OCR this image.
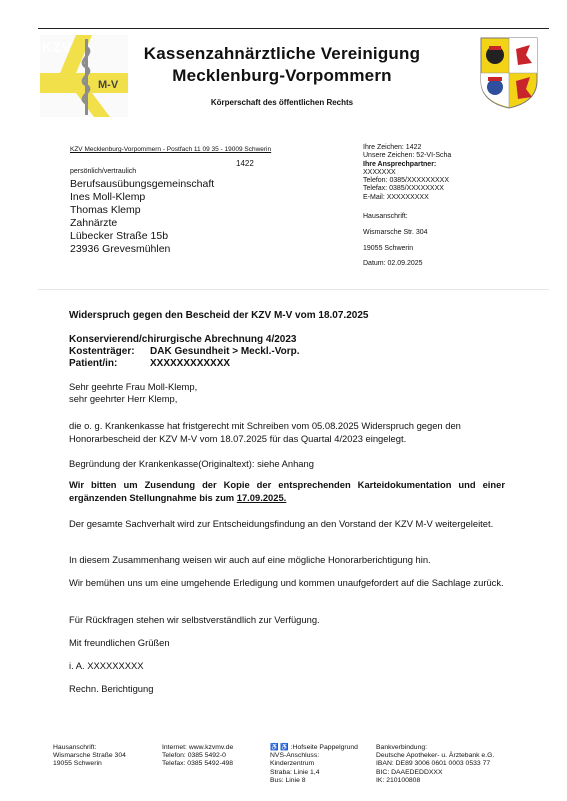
KZV
M-V
Kassenzahnärztliche Vereinigung
Mecklenburg-Vorpommern
Körperschaft des öffentlichen Rechts
KZV Mecklenburg-Vorpommern - Postfach 11 09 35 - 19009 Schwerin
1422
persönlich/vertraulich
Berufsausübungsgemeinschaft
Ines Moll-Klemp
Thomas Klemp
Zahnärzte
Lübecker Straße 15b
23936 Grevesmühlen
Ihre Zeichen: 1422
Unsere Zeichen: 52-VI-Scha
Ihre Ansprechpartner:
XXXXXXX
Telefon: 0385/XXXXXXXXX
Telefax: 0385/XXXXXXXX
E-Mail: XXXXXXXXX
Hausanschrift:
Wismarsche Str. 304
19055 Schwerin
Datum: 02.09.2025
Widerspruch gegen den Bescheid der KZV M-V vom 18.07.2025
Konservierend/chirurgische Abrechnung 4/2023
Kostenträger: DAK Gesundheit > Meckl.-Vorp.
Patient/in:	XXXXXXXXXXXX
Sehr geehrte Frau Moll-Klemp,
sehr geehrter Herr Klemp,
die o. g. Krankenkasse hat fristgerecht mit Schreiben vom 05.08.2025 Widerspruch gegen den Honorarbescheid der KZV M-V vom 18.07.2025 für das Quartal 4/2023 eingelegt.
Begründung der Krankenkasse(Originaltext): siehe Anhang
Wir bitten um Zusendung der Kopie der entsprechenden Karteidokumentation und einer ergänzenden Stellungnahme bis zum 17.09.2025.
Der gesamte Sachverhalt wird zur Entscheidungsfindung an den Vorstand der KZV M-V weitergeleitet.
In diesem Zusammenhang weisen wir auch auf eine mögliche Honorarberichtigung hin.
Wir bemühen uns um eine umgehende Erledigung und kommen unaufgefordert auf die Sachlage zurück.
Für Rückfragen stehen wir selbstverständlich zur Verfügung.
Mit freundlichen Grüßen
i. A. XXXXXXXXX
Rechn. Berichtigung
Hausanschrift:
Wismarsche Straße 304
19055 Schwerin
Internet: www.kzvmv.de
Telefon: 0385 5492-0
Telefax: 0385 5492-498
♿ ♿ :Hofseite Pappelgrund
NVS-Anschluss:
Kinderzentrum
Straba: Linie 1,4
Bus: Linie 8
Bankverbindung:
Deutsche Apotheker- u. Ärztebank e.G.
IBAN: DE89 3006 0601 0003 0533 77
BIC: DAAEDEDDXXX
IK: 210100808
